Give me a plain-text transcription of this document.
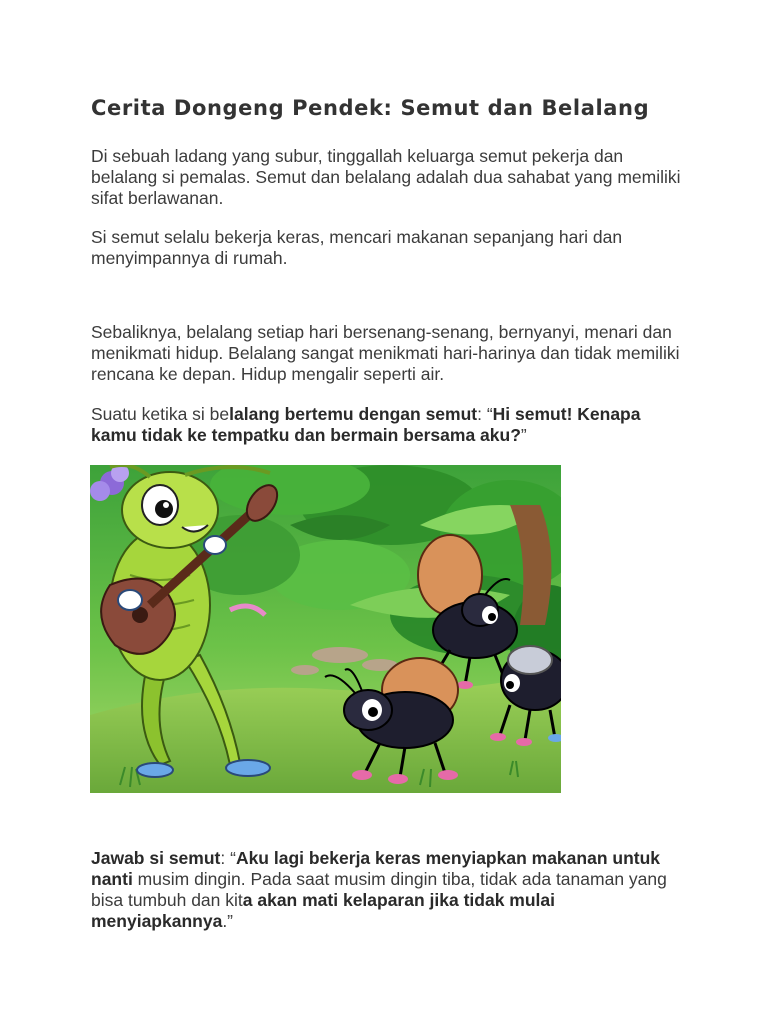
Cerita Dongeng Pendek: Semut dan Belalang

Di sebuah ladang yang subur, tinggallah keluarga semut pekerja dan belalang si pemalas. Semut dan belalang adalah dua sahabat yang memiliki sifat berlawanan.

Si semut selalu bekerja keras, mencari makanan sepanjang hari dan menyimpannya di rumah.

Sebaliknya, belalang setiap hari bersenang-senang, bernyanyi, menari dan menikmati hidup. Belalang sangat menikmati hari-harinya dan tidak memiliki rencana ke depan. Hidup mengalir seperti air.

Suatu ketika si belalang bertemu dengan semut: “Hi semut! Kenapa kamu tidak ke tempatku dan bermain bersama aku?”

Jawab si semut: “Aku lagi bekerja keras menyiapkan makanan untuk nanti musim dingin. Pada saat musim dingin tiba, tidak ada tanaman yang bisa tumbuh dan kita akan mati kelaparan jika tidak mulai menyiapkannya.”
